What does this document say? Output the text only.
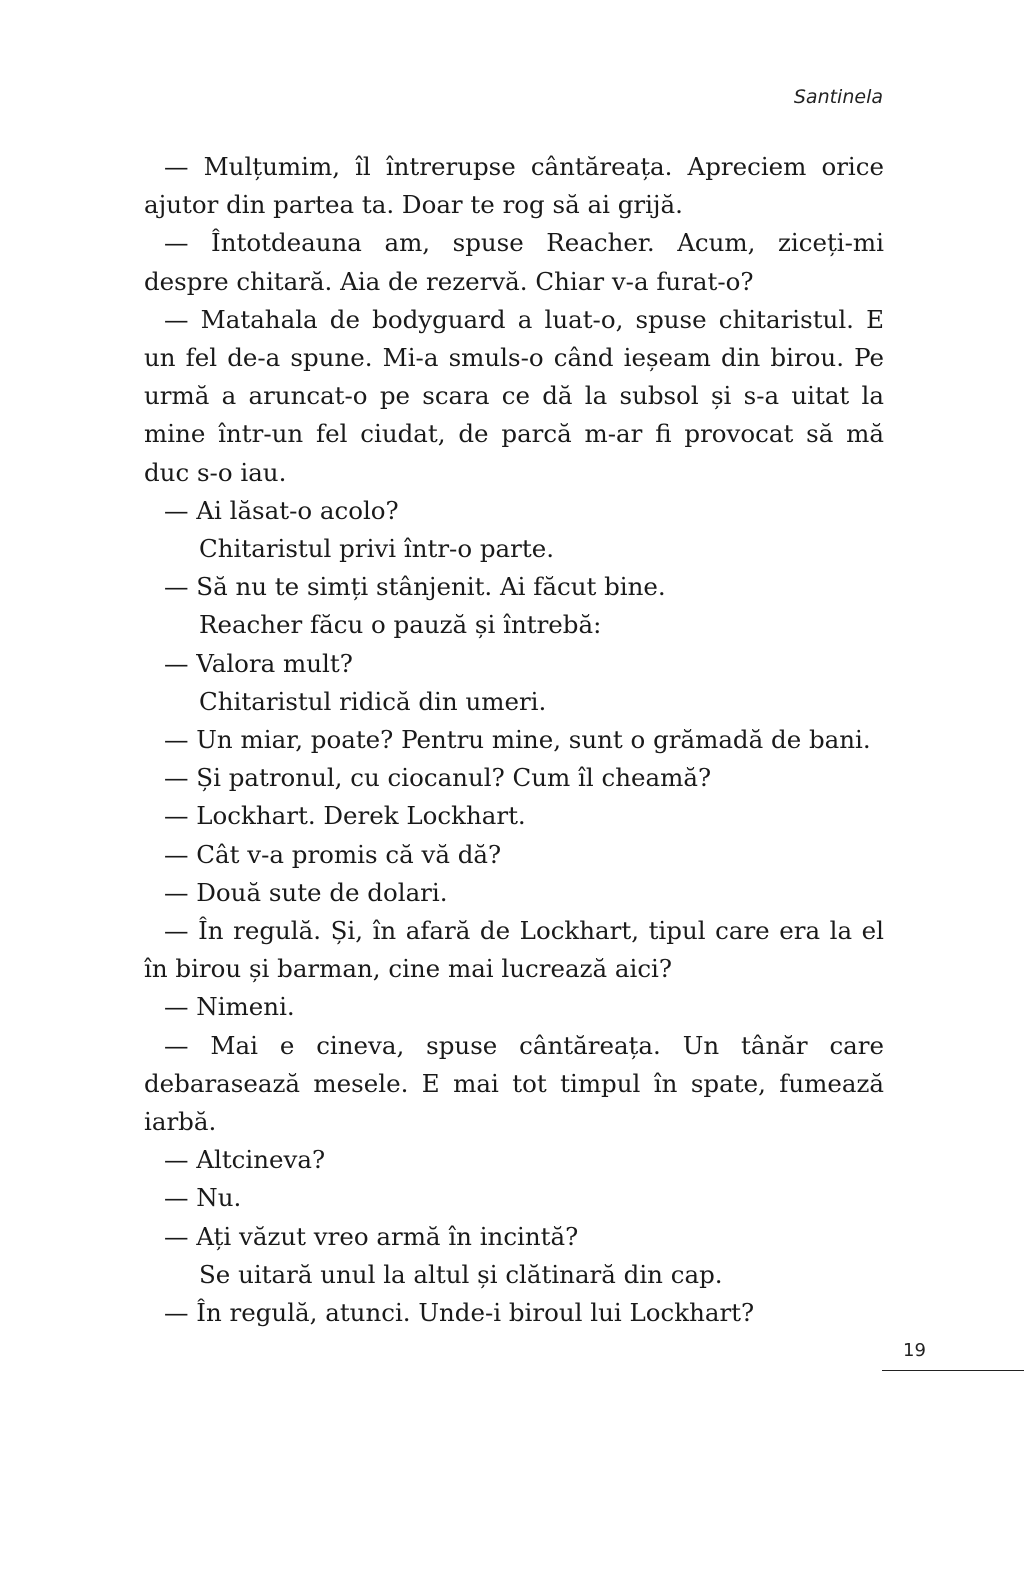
Santinela

— Mulțumim, îl întrerupse cântăreața. Apreciem orice ajutor din partea ta. Doar te rog să ai grijă.

— Întotdeauna am, spuse Reacher. Acum, ziceți-mi despre chitară. Aia de rezervă. Chiar v-a furat-o?

— Matahala de bodyguard a luat-o, spuse chitaristul. E un fel de-a spune. Mi-a smuls-o când ieșeam din birou. Pe urmă a aruncat-o pe scara ce dă la subsol și s-a uitat la mine într-un fel ciudat, de parcă m-ar fi provocat să mă duc s-o iau.

— Ai lăsat-o acolo?

Chitaristul privi într-o parte.

— Să nu te simți stânjenit. Ai făcut bine.

Reacher făcu o pauză și întrebă:

— Valora mult?

Chitaristul ridică din umeri.

— Un miar, poate? Pentru mine, sunt o grămadă de bani.

— Și patronul, cu ciocanul? Cum îl cheamă?

— Lockhart. Derek Lockhart.

— Cât v-a promis că vă dă?

— Două sute de dolari.

— În regulă. Și, în afară de Lockhart, tipul care era la el în birou și barman, cine mai lucrează aici?

— Nimeni.

— Mai e cineva, spuse cântăreața. Un tânăr care debarasează mesele. E mai tot timpul în spate, fumează iarbă.

— Altcineva?

— Nu.

— Ați văzut vreo armă în incintă?

Se uitară unul la altul și clătinară din cap.

— În regulă, atunci. Unde-i biroul lui Lockhart?

19
